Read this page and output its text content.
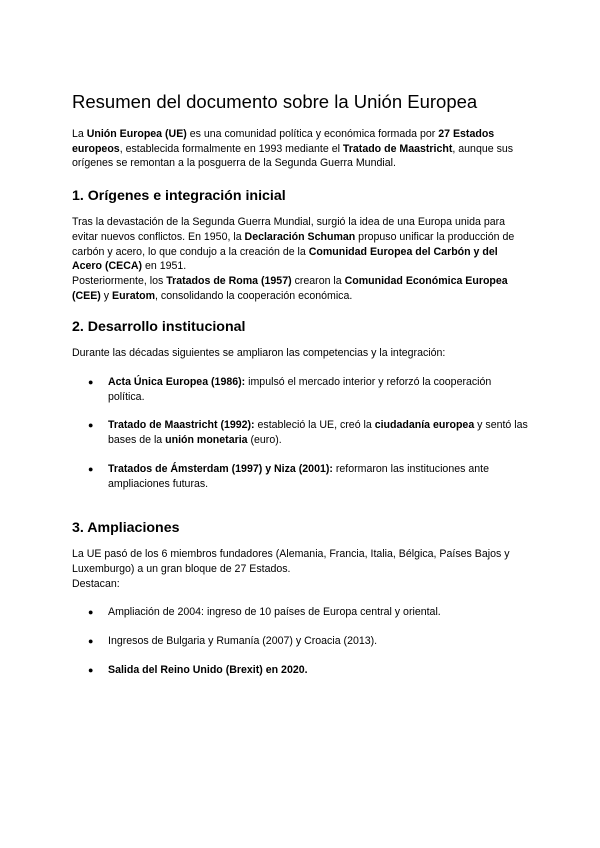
Resumen del documento sobre la Unión Europea

La Unión Europea (UE) es una comunidad política y económica formada por 27 Estados europeos, establecida formalmente en 1993 mediante el Tratado de Maastricht, aunque sus orígenes se remontan a la posguerra de la Segunda Guerra Mundial.

1. Orígenes e integración inicial

Tras la devastación de la Segunda Guerra Mundial, surgió la idea de una Europa unida para evitar nuevos conflictos. En 1950, la Declaración Schuman propuso unificar la producción de carbón y acero, lo que condujo a la creación de la Comunidad Europea del Carbón y del Acero (CECA) en 1951.
Posteriormente, los Tratados de Roma (1957) crearon la Comunidad Económica Europea (CEE) y Euratom, consolidando la cooperación económica.

2. Desarrollo institucional

Durante las décadas siguientes se ampliaron las competencias y la integración:

● Acta Única Europea (1986): impulsó el mercado interior y reforzó la cooperación política.
● Tratado de Maastricht (1992): estableció la UE, creó la ciudadanía europea y sentó las bases de la unión monetaria (euro).
● Tratados de Ámsterdam (1997) y Niza (2001): reformaron las instituciones ante ampliaciones futuras.
3. Ampliaciones

La UE pasó de los 6 miembros fundadores (Alemania, Francia, Italia, Bélgica, Países Bajos y Luxemburgo) a un gran bloque de 27 Estados.
Destacan:

● Ampliación de 2004: ingreso de 10 países de Europa central y oriental.
● Ingresos de Bulgaria y Rumanía (2007) y Croacia (2013).
● Salida del Reino Unido (Brexit) en 2020.
